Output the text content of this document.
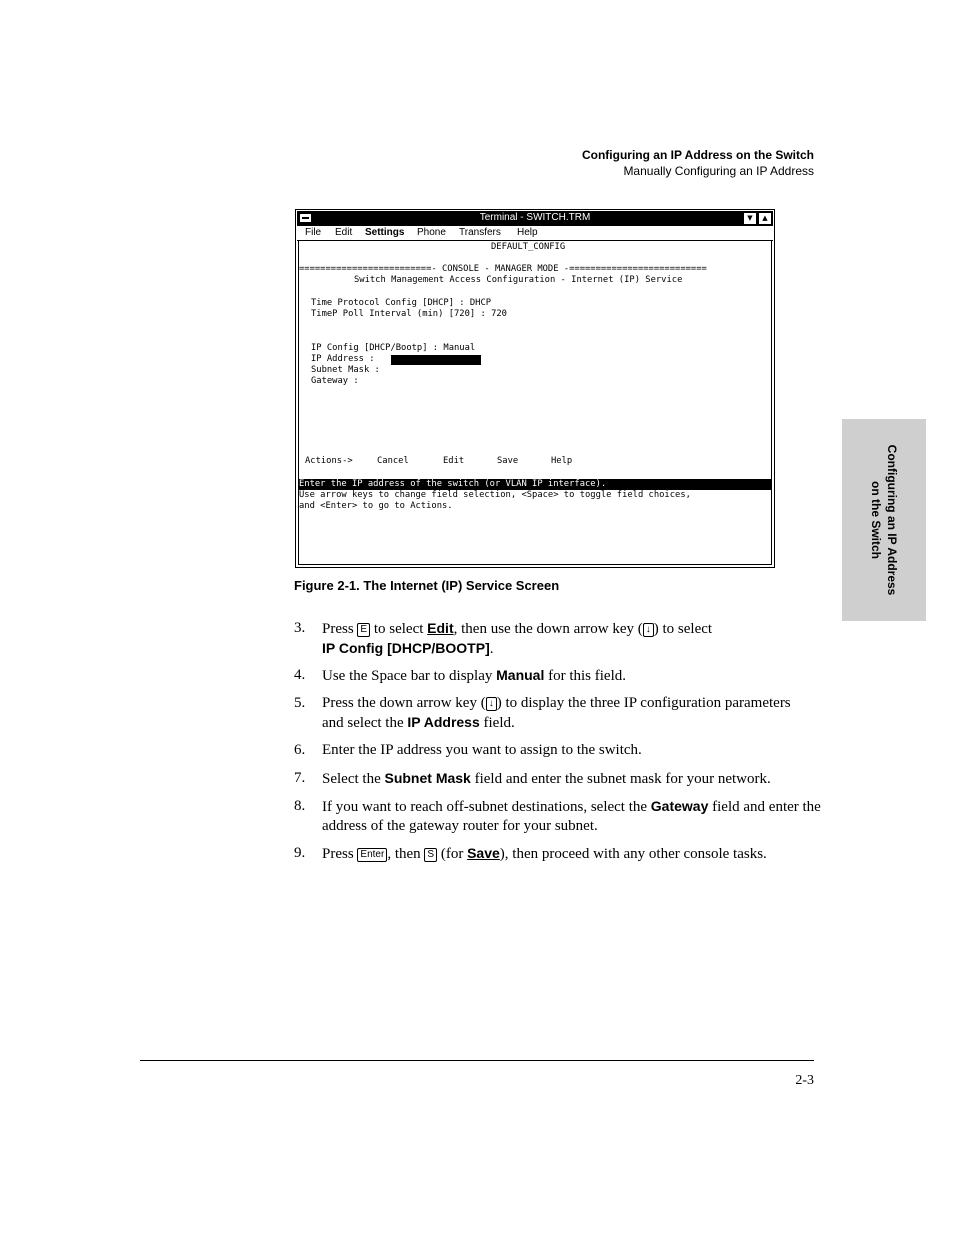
Configuring an IP Address on the Switch
Manually Configuring an IP Address
Configuring an IP Address
on the Switch
Terminal - SWITCH.TRM	▼	▲
File Edit Settings Phone Transfers Help
DEFAULT_CONFIG
=========================- CONSOLE - MANAGER MODE -==========================
Switch Management Access Configuration - Internet (IP) Service
Time Protocol Config [DHCP] : DHCP
TimeP Poll Interval (min) [720] : 720
IP Config [DHCP/Bootp] : Manual
IP Address :
Subnet Mask :
Gateway :
Actions->	Cancel	Edit	Save	Help
Enter the IP address of the switch (or VLAN IP interface).
Use arrow keys to change field selection, <Space> to toggle field choices,
and <Enter> to go to Actions.
Figure 2-1. The Internet (IP) Service Screen
3. Press E to select Edit, then use the down arrow key ( ↓ ) to select
IP Config [DHCP/BOOTP].
4. Use the Space bar to display Manual for this field.
5. Press the down arrow key ( ↓ ) to display the three IP configuration parameters and select the IP Address field.
6. Enter the IP address you want to assign to the switch.
7. Select the Subnet Mask field and enter the subnet mask for your network.
8. If you want to reach off-subnet destinations, select the Gateway field and enter the address of the gateway router for your subnet.
9. Press Enter , then S (for Save), then proceed with any other console tasks.
2-3
